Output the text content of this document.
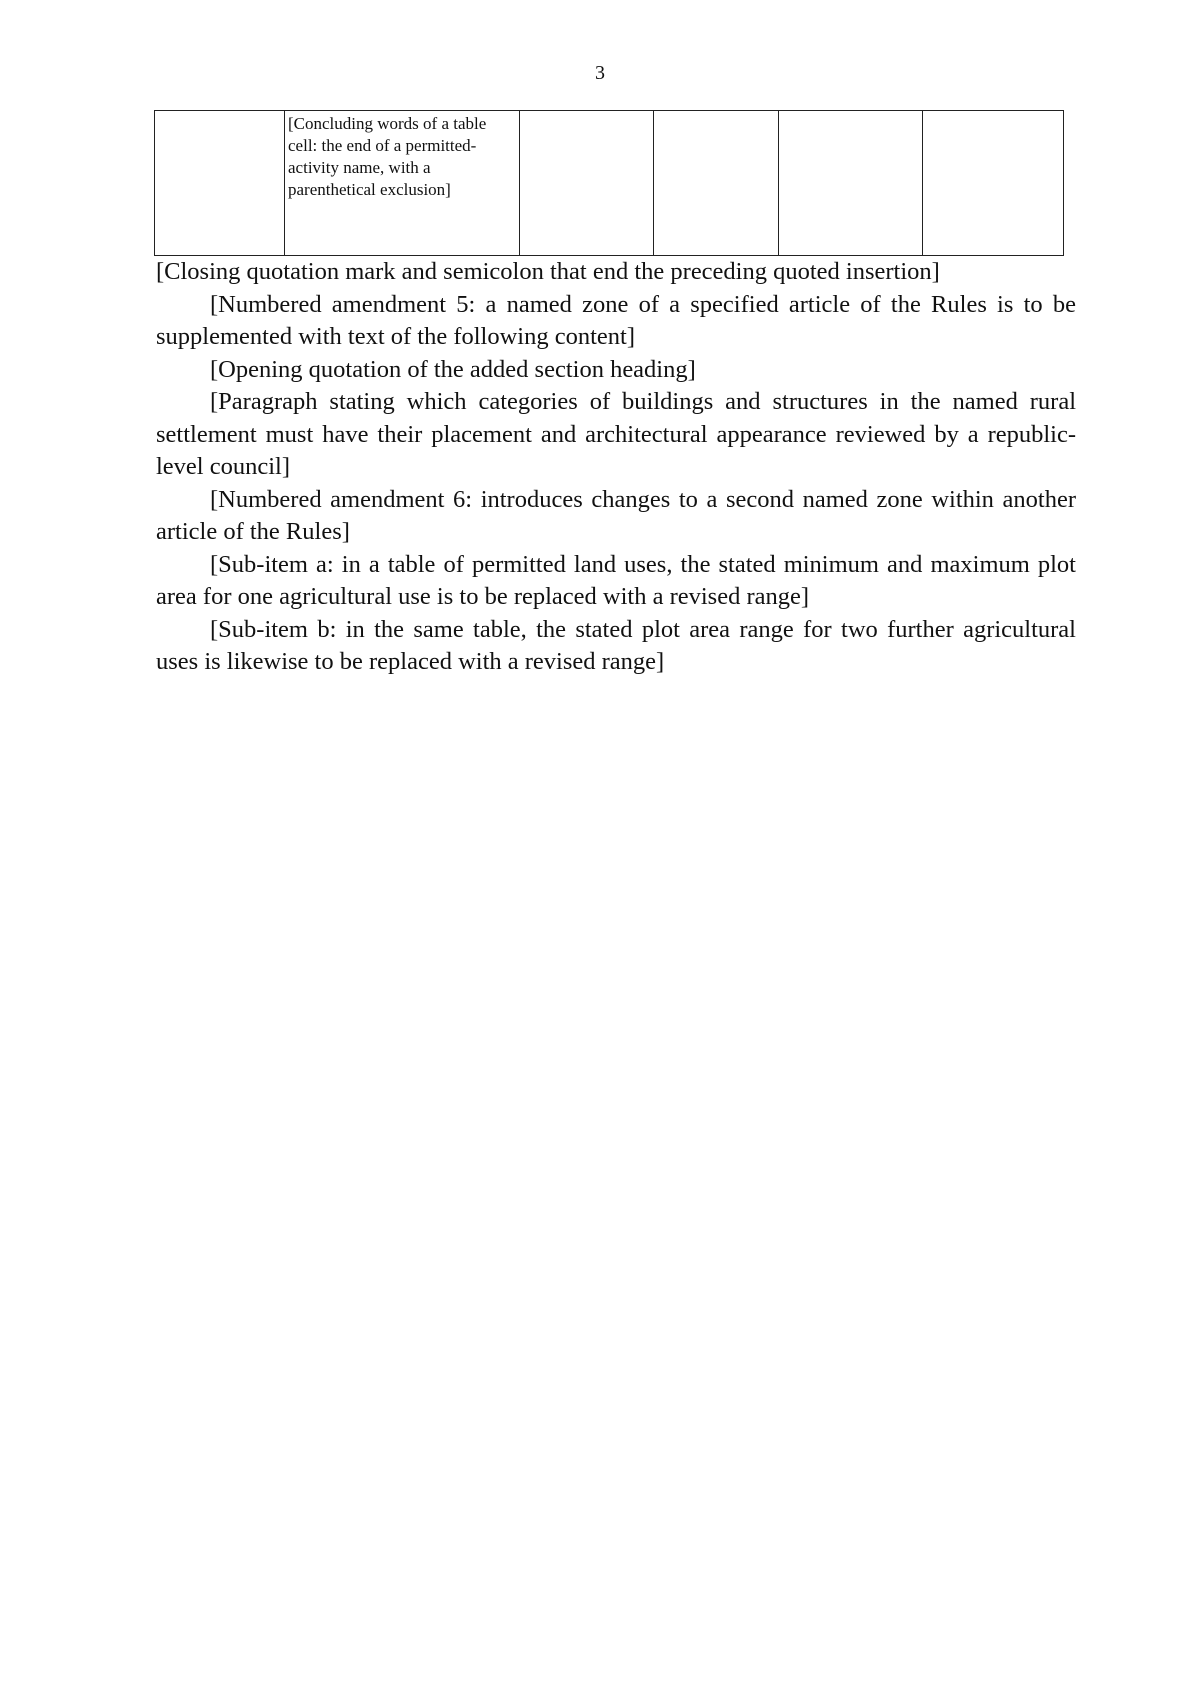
3

[Concluding words of a table cell: the end of a permitted-activity name, with a parenthetical exclusion]

[Closing quotation mark and semicolon that end the preceding quoted insertion]

[Numbered amendment 5: a named zone of a specified article of the Rules is to be supplemented with text of the following content]

[Opening quotation of the added section heading]

[Paragraph stating which categories of buildings and structures in the named rural settlement must have their placement and architectural appearance reviewed by a republic-level council]

[Numbered amendment 6: introduces changes to a second named zone within another article of the Rules]

[Sub-item a: in a table of permitted land uses, the stated minimum and maximum plot area for one agricultural use is to be replaced with a revised range]

[Sub-item b: in the same table, the stated plot area range for two further agricultural uses is likewise to be replaced with a revised range]
